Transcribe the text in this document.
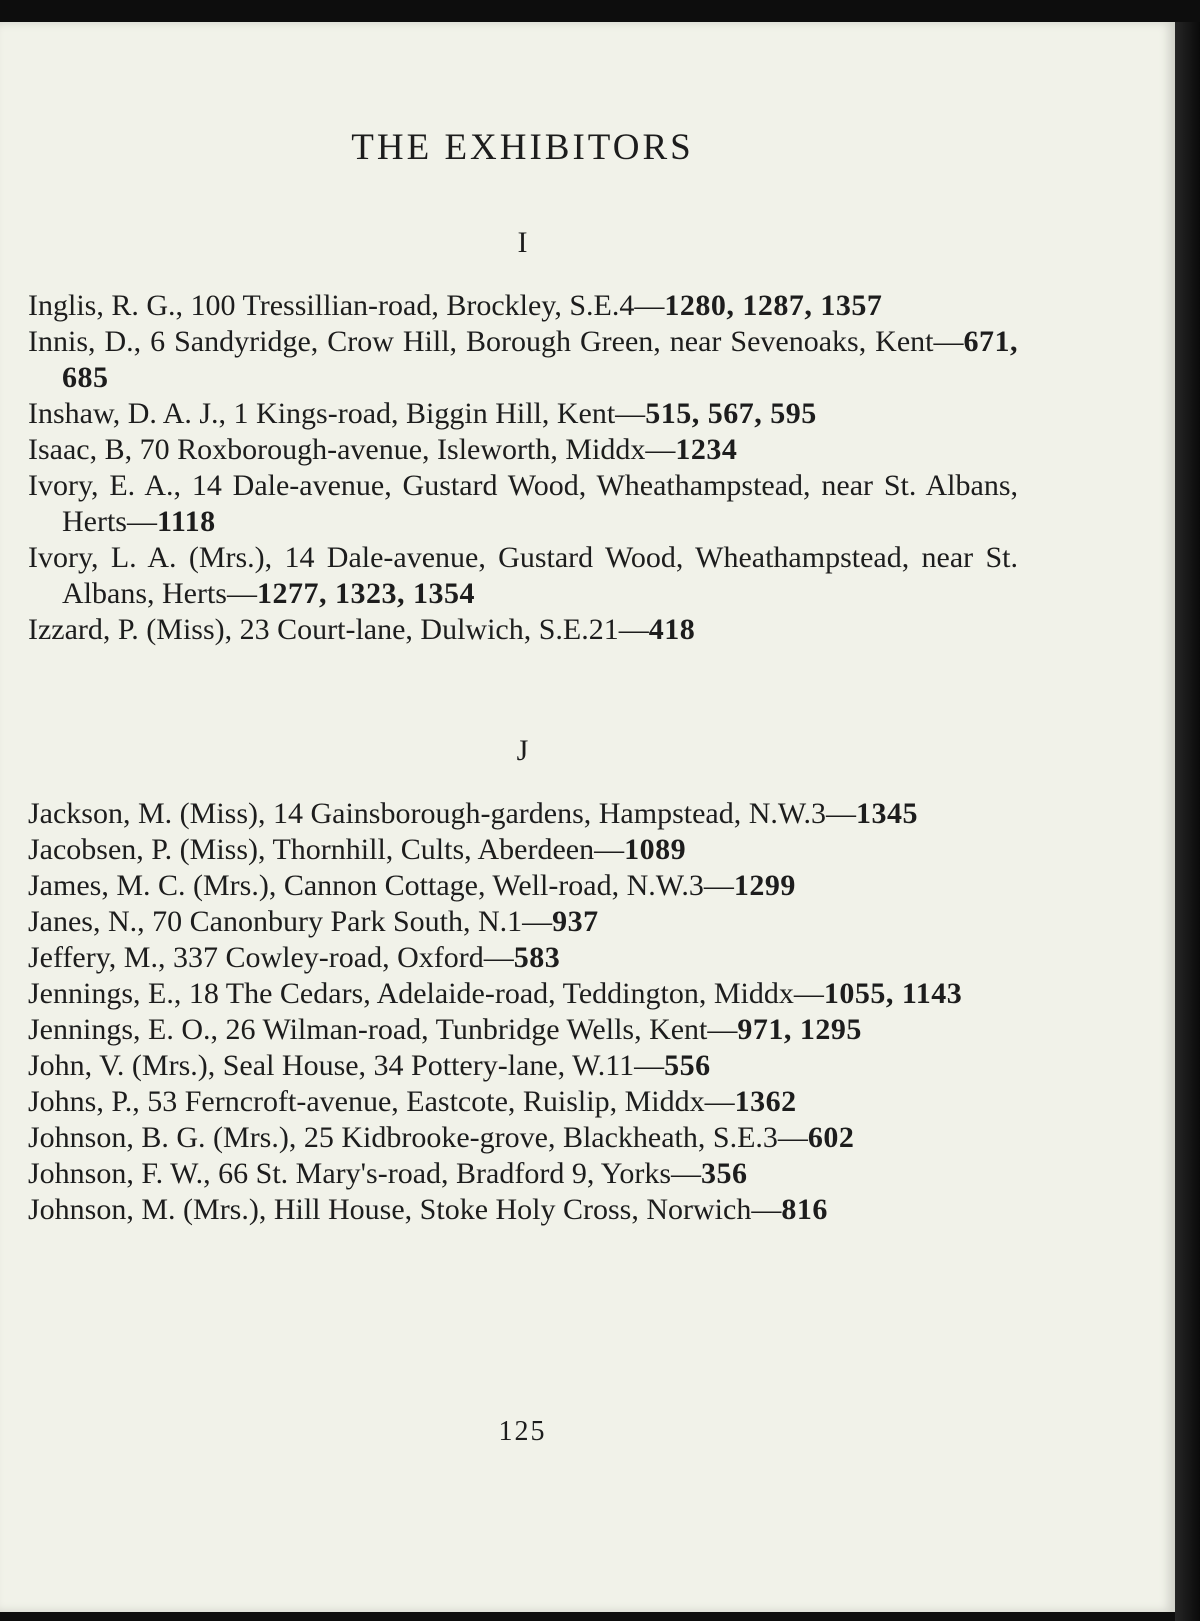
THE EXHIBITORS
I
Inglis, R. G., 100 Tressillian-road, Brockley, S.E.4—1280, 1287, 1357
Innis, D., 6 Sandyridge, Crow Hill, Borough Green, near Sevenoaks, Kent—671, 685
Inshaw, D. A. J., 1 Kings-road, Biggin Hill, Kent—515, 567, 595
Isaac, B, 70 Roxborough-avenue, Isleworth, Middx—1234
Ivory, E. A., 14 Dale-avenue, Gustard Wood, Wheathampstead, near St. Albans, Herts—1118
Ivory, L. A. (Mrs.), 14 Dale-avenue, Gustard Wood, Wheathampstead, near St. Albans, Herts—1277, 1323, 1354
Izzard, P. (Miss), 23 Court-lane, Dulwich, S.E.21—418
J
Jackson, M. (Miss), 14 Gainsborough-gardens, Hampstead, N.W.3—1345
Jacobsen, P. (Miss), Thornhill, Cults, Aberdeen—1089
James, M. C. (Mrs.), Cannon Cottage, Well-road, N.W.3—1299
Janes, N., 70 Canonbury Park South, N.1—937
Jeffery, M., 337 Cowley-road, Oxford—583
Jennings, E., 18 The Cedars, Adelaide-road, Teddington, Middx—1055, 1143
Jennings, E. O., 26 Wilman-road, Tunbridge Wells, Kent—971, 1295
John, V. (Mrs.), Seal House, 34 Pottery-lane, W.11—556
Johns, P., 53 Ferncroft-avenue, Eastcote, Ruislip, Middx—1362
Johnson, B. G. (Mrs.), 25 Kidbrooke-grove, Blackheath, S.E.3—602
Johnson, F. W., 66 St. Mary's-road, Bradford 9, Yorks—356
Johnson, M. (Mrs.), Hill House, Stoke Holy Cross, Norwich—816
125
